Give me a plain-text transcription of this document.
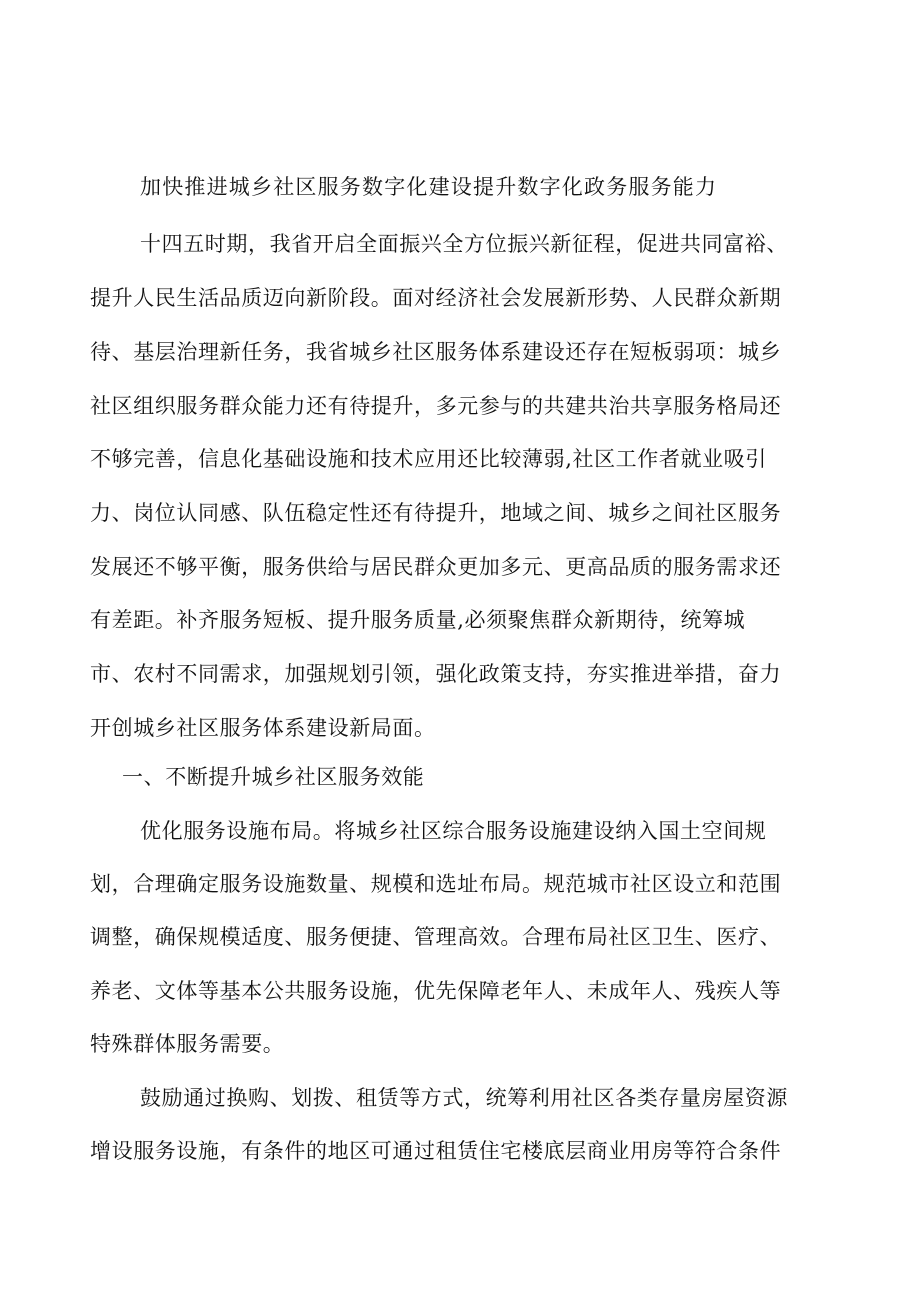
加快推进城乡社区服务数字化建设提升数字化政务服务能力

十四五时期，我省开启全面振兴全方位振兴新征程，促进共同富裕、

提升人民生活品质迈向新阶段。面对经济社会发展新形势、人民群众新期

待、基层治理新任务，我省城乡社区服务体系建设还存在短板弱项：城乡

社区组织服务群众能力还有待提升，多元参与的共建共治共享服务格局还

不够完善，信息化基础设施和技术应用还比较薄弱,社区工作者就业吸引

力、岗位认同感、队伍稳定性还有待提升，地域之间、城乡之间社区服务

发展还不够平衡，服务供给与居民群众更加多元、更高品质的服务需求还

有差距。补齐服务短板、提升服务质量,必须聚焦群众新期待，统筹城

市、农村不同需求，加强规划引领，强化政策支持，夯实推进举措，奋力

开创城乡社区服务体系建设新局面。

一、不断提升城乡社区服务效能

优化服务设施布局。将城乡社区综合服务设施建设纳入国土空间规

划，合理确定服务设施数量、规模和选址布局。规范城市社区设立和范围

调整，确保规模适度、服务便捷、管理高效。合理布局社区卫生、医疗、

养老、文体等基本公共服务设施，优先保障老年人、未成年人、残疾人等

特殊群体服务需要。

鼓励通过换购、划拨、租赁等方式，统筹利用社区各类存量房屋资源

增设服务设施，有条件的地区可通过租赁住宅楼底层商业用房等符合条件
